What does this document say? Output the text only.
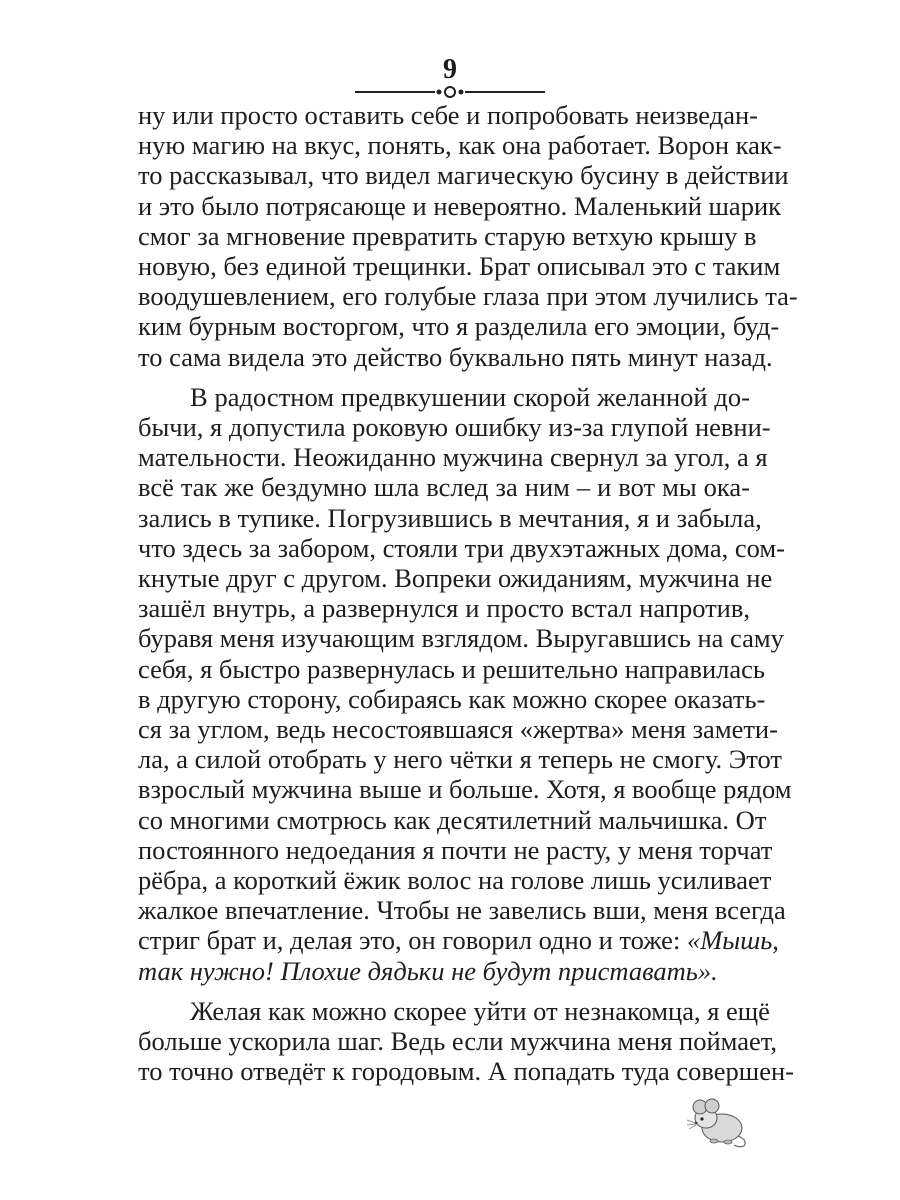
9

ну или просто оставить себе и попробовать неизведан-
ную магию на вкус, понять, как она работает. Ворон как-
то рассказывал, что видел магическую бусину в действии
и это было потрясающе и невероятно. Маленький шарик
смог за мгновение превратить старую ветхую крышу в
новую, без единой трещинки. Брат описывал это с таким
воодушевлением, его голубые глаза при этом лучились та-
ким бурным восторгом, что я разделила его эмоции, буд-
то сама видела это действо буквально пять минут назад.

В радостном предвкушении скорой желанной до-
бычи, я допустила роковую ошибку из-за глупой невни-
мательности. Неожиданно мужчина свернул за угол, а я
всё так же бездумно шла вслед за ним – и вот мы ока-
зались в тупике. Погрузившись в мечтания, я и забыла,
что здесь за забором, стояли три двухэтажных дома, сом-
кнутые друг с другом. Вопреки ожиданиям, мужчина не
зашёл внутрь, а развернулся и просто встал напротив,
буравя меня изучающим взглядом. Выругавшись на саму
себя, я быстро развернулась и решительно направилась
в другую сторону, собираясь как можно скорее оказать-
ся за углом, ведь несостоявшаяся «жертва» меня замети-
ла, а силой отобрать у него чётки я теперь не смогу. Этот
взрослый мужчина выше и больше. Хотя, я вообще рядом
со многими смотрюсь как десятилетний мальчишка. От
постоянного недоедания я почти не расту, у меня торчат
рёбра, а короткий ёжик волос на голове лишь усиливает
жалкое впечатление. Чтобы не завелись вши, меня всегда
стриг брат и, делая это, он говорил одно и тоже: «Мышь,
так нужно! Плохие дядьки не будут приставать».

Желая как можно скорее уйти от незнакомца, я ещё
больше ускорила шаг. Ведь если мужчина меня поймает,
то точно отведёт к городовым. А попадать туда совершен-
